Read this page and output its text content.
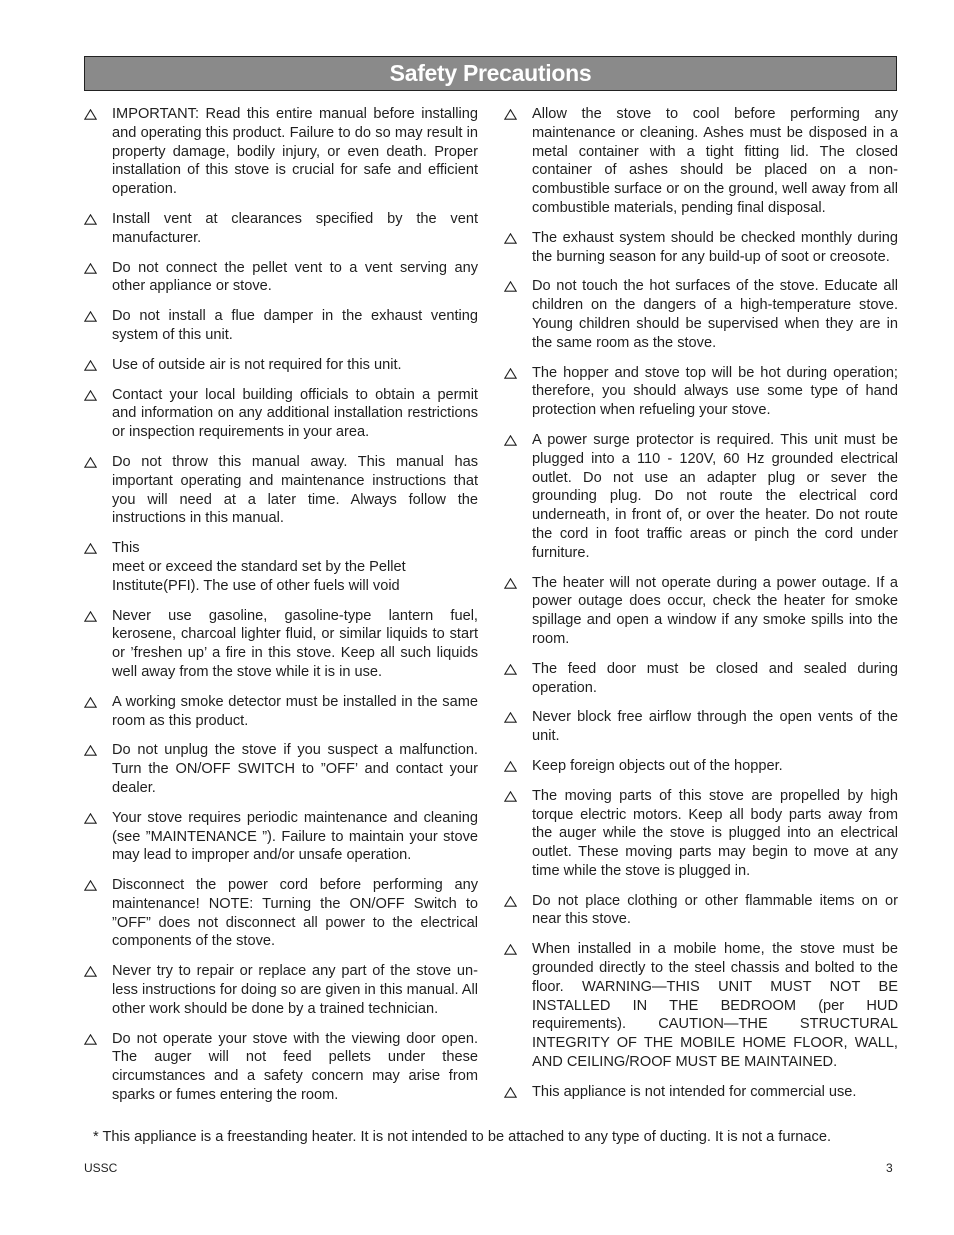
Safety Precautions
IMPORTANT: Read this entire manual before installing and operating this product. Failure to do so may result in property damage, bodily injury, or even death. Proper installation of this stove is crucial for safe and efficient operation.
Install vent at clearances specified by the vent manufacturer.
Do not connect the pellet vent to a vent serving any other appliance or stove.
Do not install a flue damper in the exhaust venting system of this unit.
Use of outside air is not required for this unit.
Contact your local building officials to obtain a permit and information on any additional installation restrictions or inspection requirements in your area.
Do not throw this manual away. This manual has important operating and maintenance instructions that you will need at a later time. Always follow the instructions in this manual.
This
meet or exceed the standard set by the Pellet Institute(PFI). The use of other fuels will void
Never use gasoline, gasoline-type lantern fuel, kerosene, charcoal lighter fluid, or similar liquids to start or ’freshen up’ a fire in this stove. Keep all such liquids well away from the stove while it is in use.
A working smoke detector must be installed in the same room as this product.
Do not unplug the stove if you suspect a malfunction. Turn the ON/OFF SWITCH to ”OFF’ and contact your dealer.
Your stove requires periodic maintenance and cleaning (see ”MAINTENANCE ”). Failure to maintain your stove may lead to improper and/or unsafe operation.
Disconnect the power cord before performing any maintenance! NOTE: Turning the ON/OFF Switch to ”OFF” does not disconnect all power to the electrical components of the stove.
Never try to repair or replace any part of the stove un-less instructions for doing so are given in this manual. All other work should be done by a trained technician.
Do not operate your stove with the viewing door open. The auger will not feed pellets under these circumstances and a safety concern may arise from sparks or fumes entering the room.
Allow the stove to cool before performing any maintenance or cleaning. Ashes must be disposed in a metal container with a tight fitting lid. The closed container of ashes should be placed on a non-combustible surface or on the ground, well away from all combustible materials, pending final disposal.
The exhaust system should be checked monthly during the burning season for any build-up of soot or creosote.
Do not touch the hot surfaces of the stove. Educate all children on the dangers of a high-temperature stove. Young children should be supervised when they are in the same room as the stove.
The hopper and stove top will be hot during operation; therefore, you should always use some type of hand protection when refueling your stove.
A power surge protector is required. This unit must be plugged into a 110 - 120V, 60 Hz grounded electrical outlet. Do not use an adapter plug or sever the grounding plug. Do not route the electrical cord underneath, in front of, or over the heater. Do not route the cord in foot traffic areas or pinch the cord under furniture.
The heater will not operate during a power outage. If a power outage does occur, check the heater for smoke spillage and open a window if any smoke spills into the room.
The feed door must be closed and sealed during operation.
Never block free airflow through the open vents of the unit.
Keep foreign objects out of the hopper.
The moving parts of this stove are propelled by high torque electric motors. Keep all body parts away from the auger while the stove is plugged into an electrical outlet. These moving parts may begin to move at any time while the stove is plugged in.
Do not place clothing or other flammable items on or near this stove.
When installed in a mobile home, the stove must be grounded directly to the steel chassis and bolted to the floor. WARNING—THIS UNIT MUST NOT BE INSTALLED IN THE BEDROOM (per HUD requirements). CAUTION—THE STRUCTURAL INTEGRITY OF THE MOBILE HOME FLOOR, WALL, AND CEILING/ROOF MUST BE MAINTAINED.
This appliance is not intended for commercial use.
* This appliance is a freestanding heater. It is not intended to be attached to any type of ducting. It is not a furnace.
USSC	3
